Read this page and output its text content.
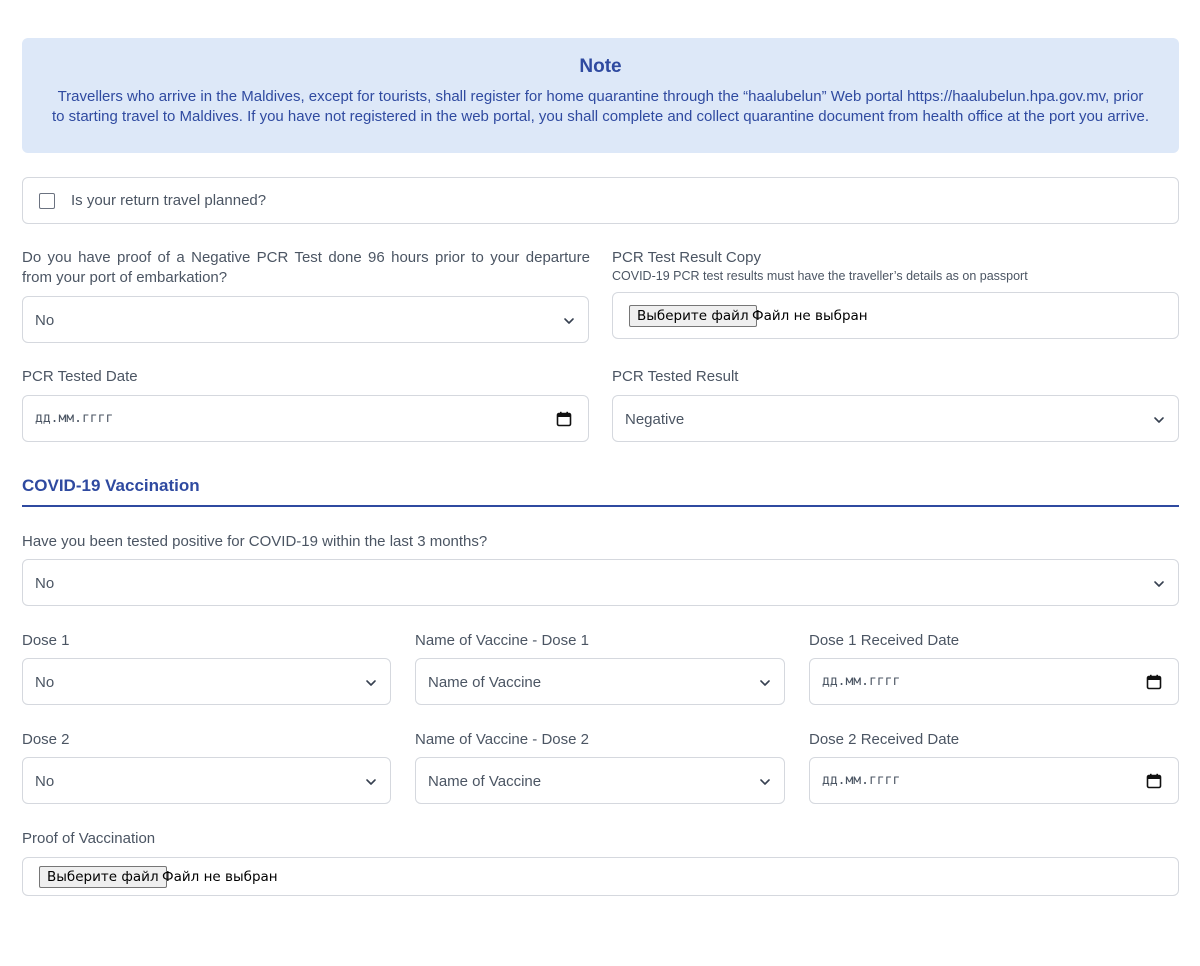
Note
Travellers who arrive in the Maldives, except for tourists, shall register for home quarantine through the “haalubelun” Web portal https://haalubelun.hpa.gov.mv, prior to starting travel to Maldives. If you have not registered in the web portal, you shall complete and collect quarantine document from health office at the port you arrive.
Is your return travel planned?
Do you have proof of a Negative PCR Test done 96 hours prior to your departure from your port of embarkation?
No
PCR Test Result Copy
COVID-19 PCR test results must have the traveller’s details as on passport
Выберите файл Файл не выбран
PCR Tested Date
дд.мм.гггг
PCR Tested Result
Negative
COVID-19 Vaccination
Have you been tested positive for COVID-19 within the last 3 months?
No
Dose 1
No
Name of Vaccine - Dose 1
Name of Vaccine
Dose 1 Received Date
дд.мм.гггг
Dose 2
No
Name of Vaccine - Dose 2
Name of Vaccine
Dose 2 Received Date
дд.мм.гггг
Proof of Vaccination
Выберите файл Файл не выбран
